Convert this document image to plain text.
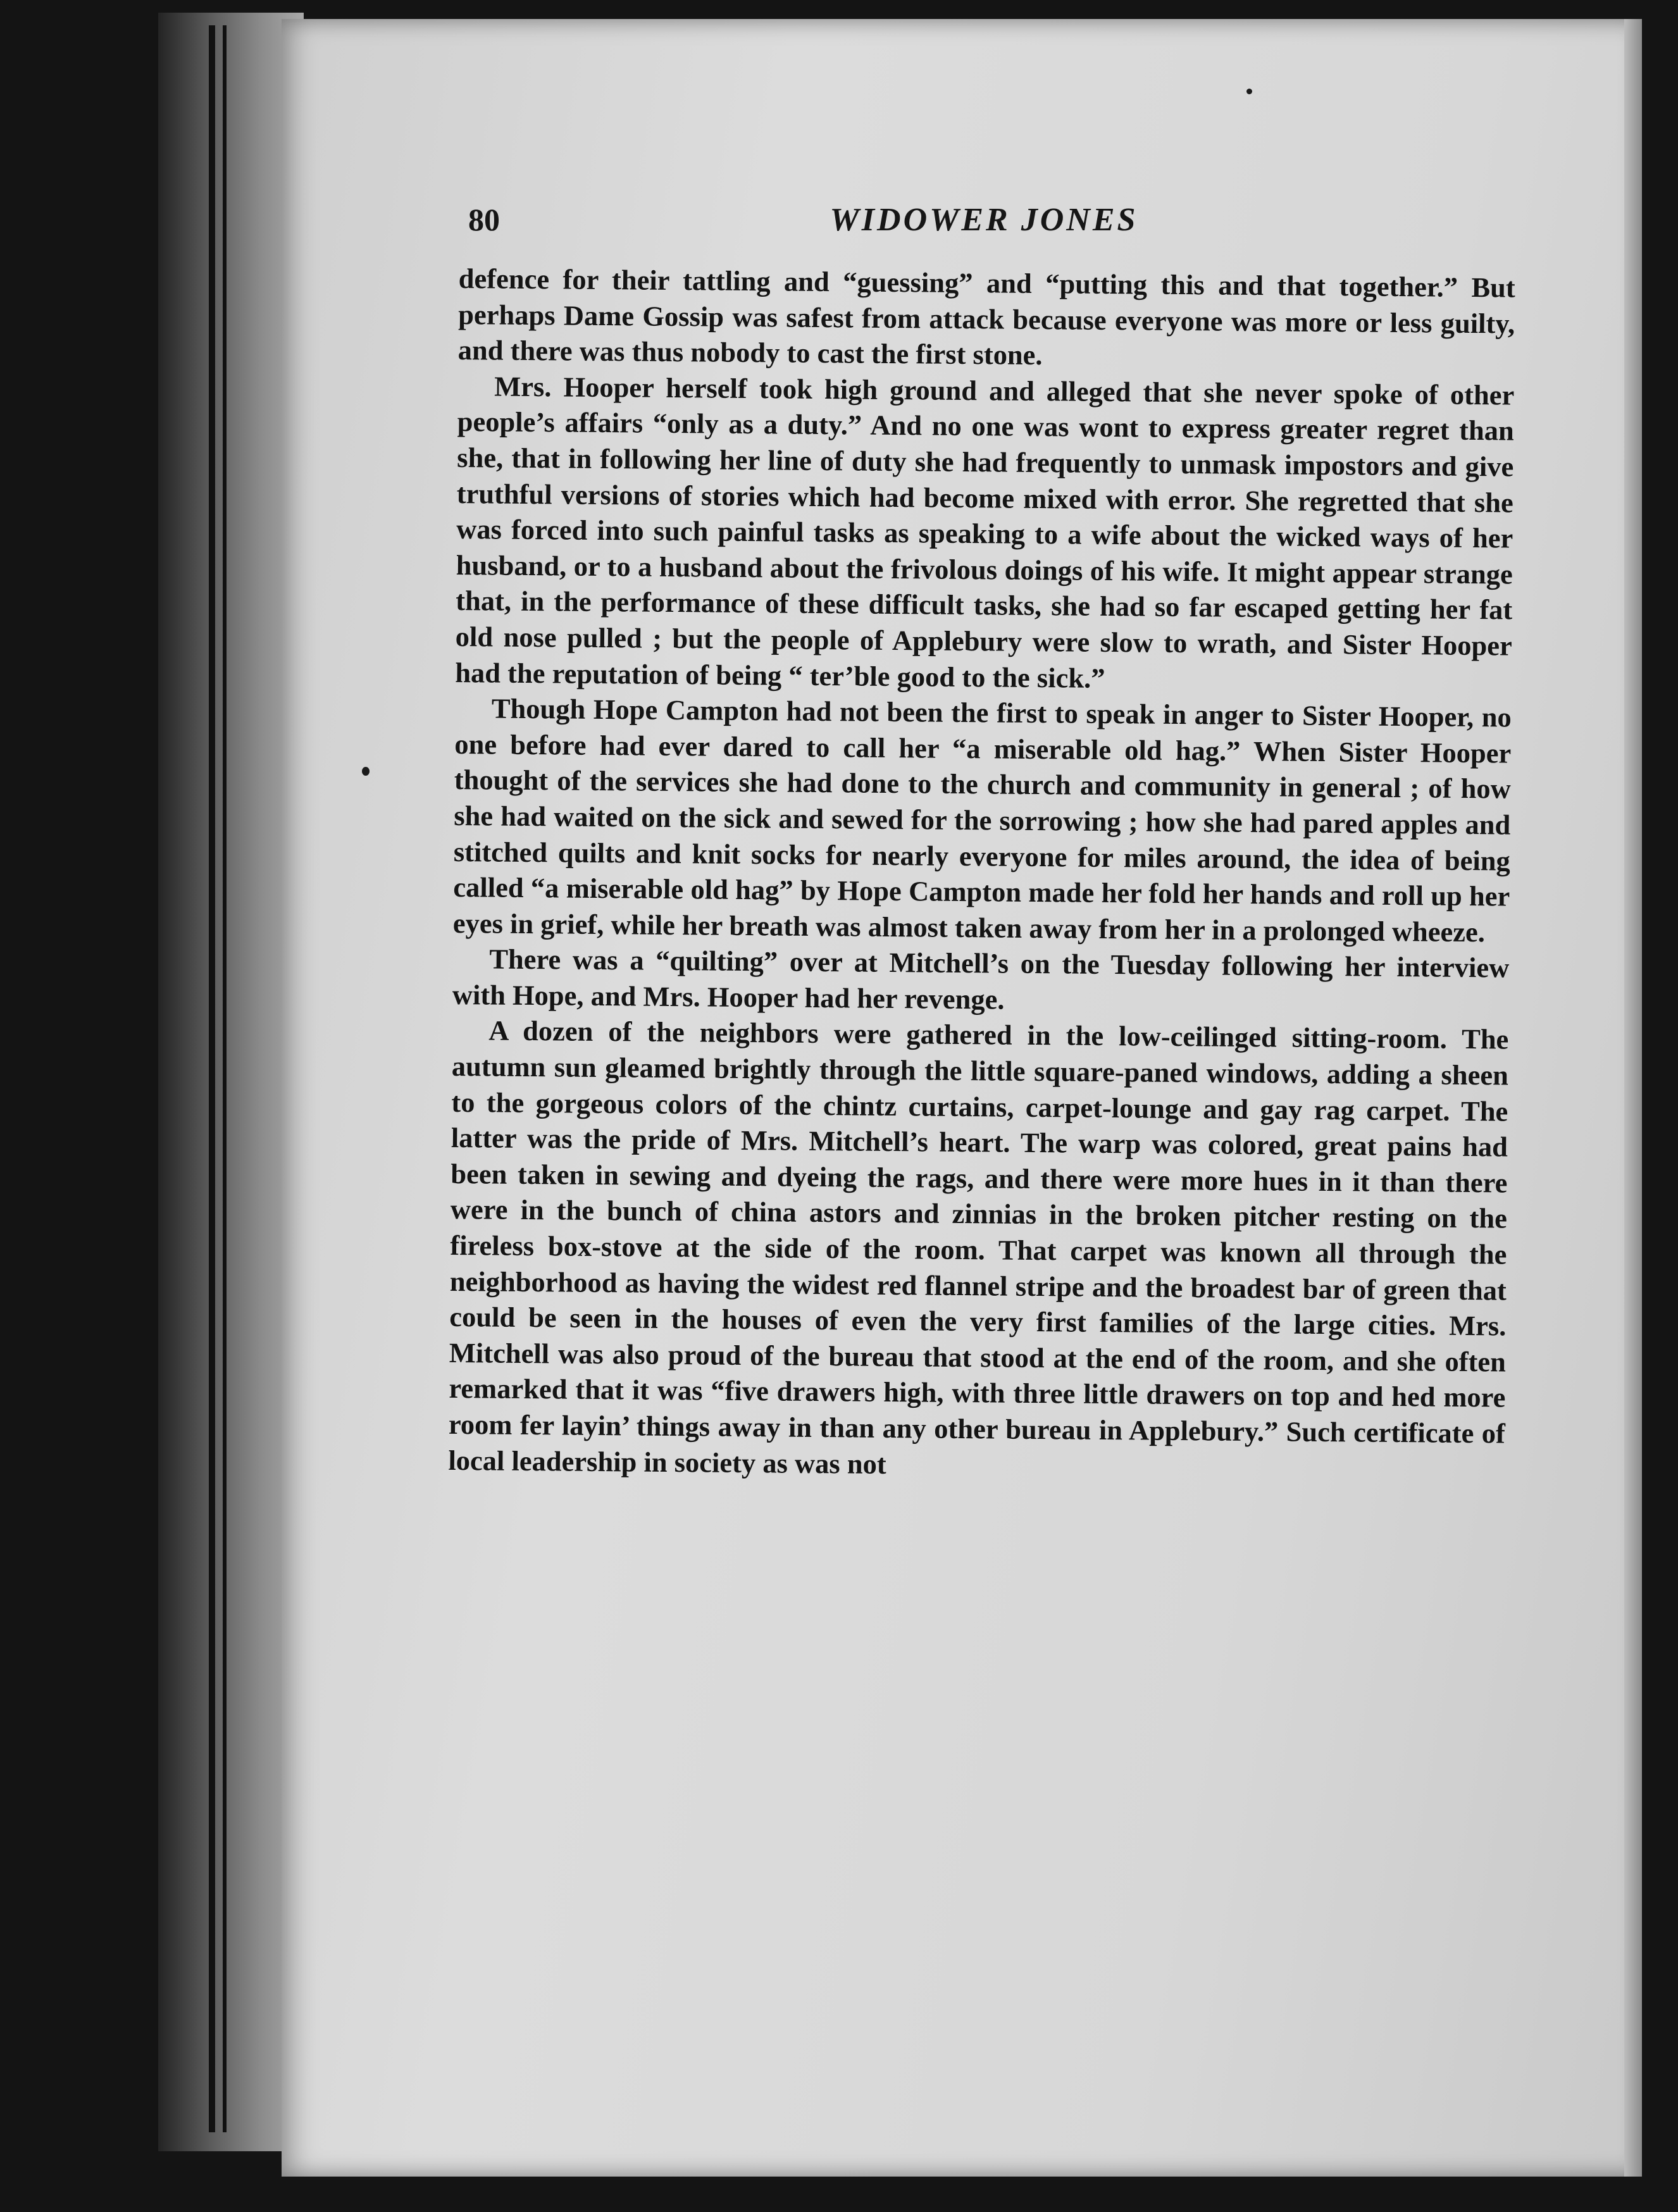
80	WIDOWER JONES

defence for their tattling and “guessing” and “putting this and that together.” But perhaps Dame Gossip was safest from attack because everyone was more or less guilty, and there was thus nobody to cast the first stone.

Mrs. Hooper herself took high ground and alleged that she never spoke of other people’s affairs “only as a duty.” And no one was wont to express greater regret than she, that in following her line of duty she had frequently to unmask impostors and give truthful versions of stories which had become mixed with error. She regretted that she was forced into such painful tasks as speaking to a wife about the wicked ways of her husband, or to a husband about the frivolous doings of his wife. It might appear strange that, in the performance of these difficult tasks, she had so far escaped getting her fat old nose pulled ; but the people of Applebury were slow to wrath, and Sister Hooper had the reputation of being “ ter’ble good to the sick.”

Though Hope Campton had not been the first to speak in anger to Sister Hooper, no one before had ever dared to call her “a miserable old hag.” When Sister Hooper thought of the services she had done to the church and community in general ; of how she had waited on the sick and sewed for the sorrowing ; how she had pared apples and stitched quilts and knit socks for nearly everyone for miles around, the idea of being called “a miserable old hag” by Hope Campton made her fold her hands and roll up her eyes in grief, while her breath was almost taken away from her in a prolonged wheeze.

There was a “quilting” over at Mitchell’s on the Tuesday following her interview with Hope, and Mrs. Hooper had her revenge.

A dozen of the neighbors were gathered in the low-ceilinged sitting-room. The autumn sun gleamed brightly through the little square-paned windows, adding a sheen to the gorgeous colors of the chintz curtains, carpet-lounge and gay rag carpet. The latter was the pride of Mrs. Mitchell’s heart. The warp was colored, great pains had been taken in sewing and dyeing the rags, and there were more hues in it than there were in the bunch of china astors and zinnias in the broken pitcher resting on the fireless box-stove at the side of the room. That carpet was known all through the neighborhood as having the widest red flannel stripe and the broadest bar of green that could be seen in the houses of even the very first families of the large cities. Mrs. Mitchell was also proud of the bureau that stood at the end of the room, and she often remarked that it was “five drawers high, with three little drawers on top and hed more room fer layin’ things away in than any other bureau in Applebury.” Such certificate of local leadership in society as was not
